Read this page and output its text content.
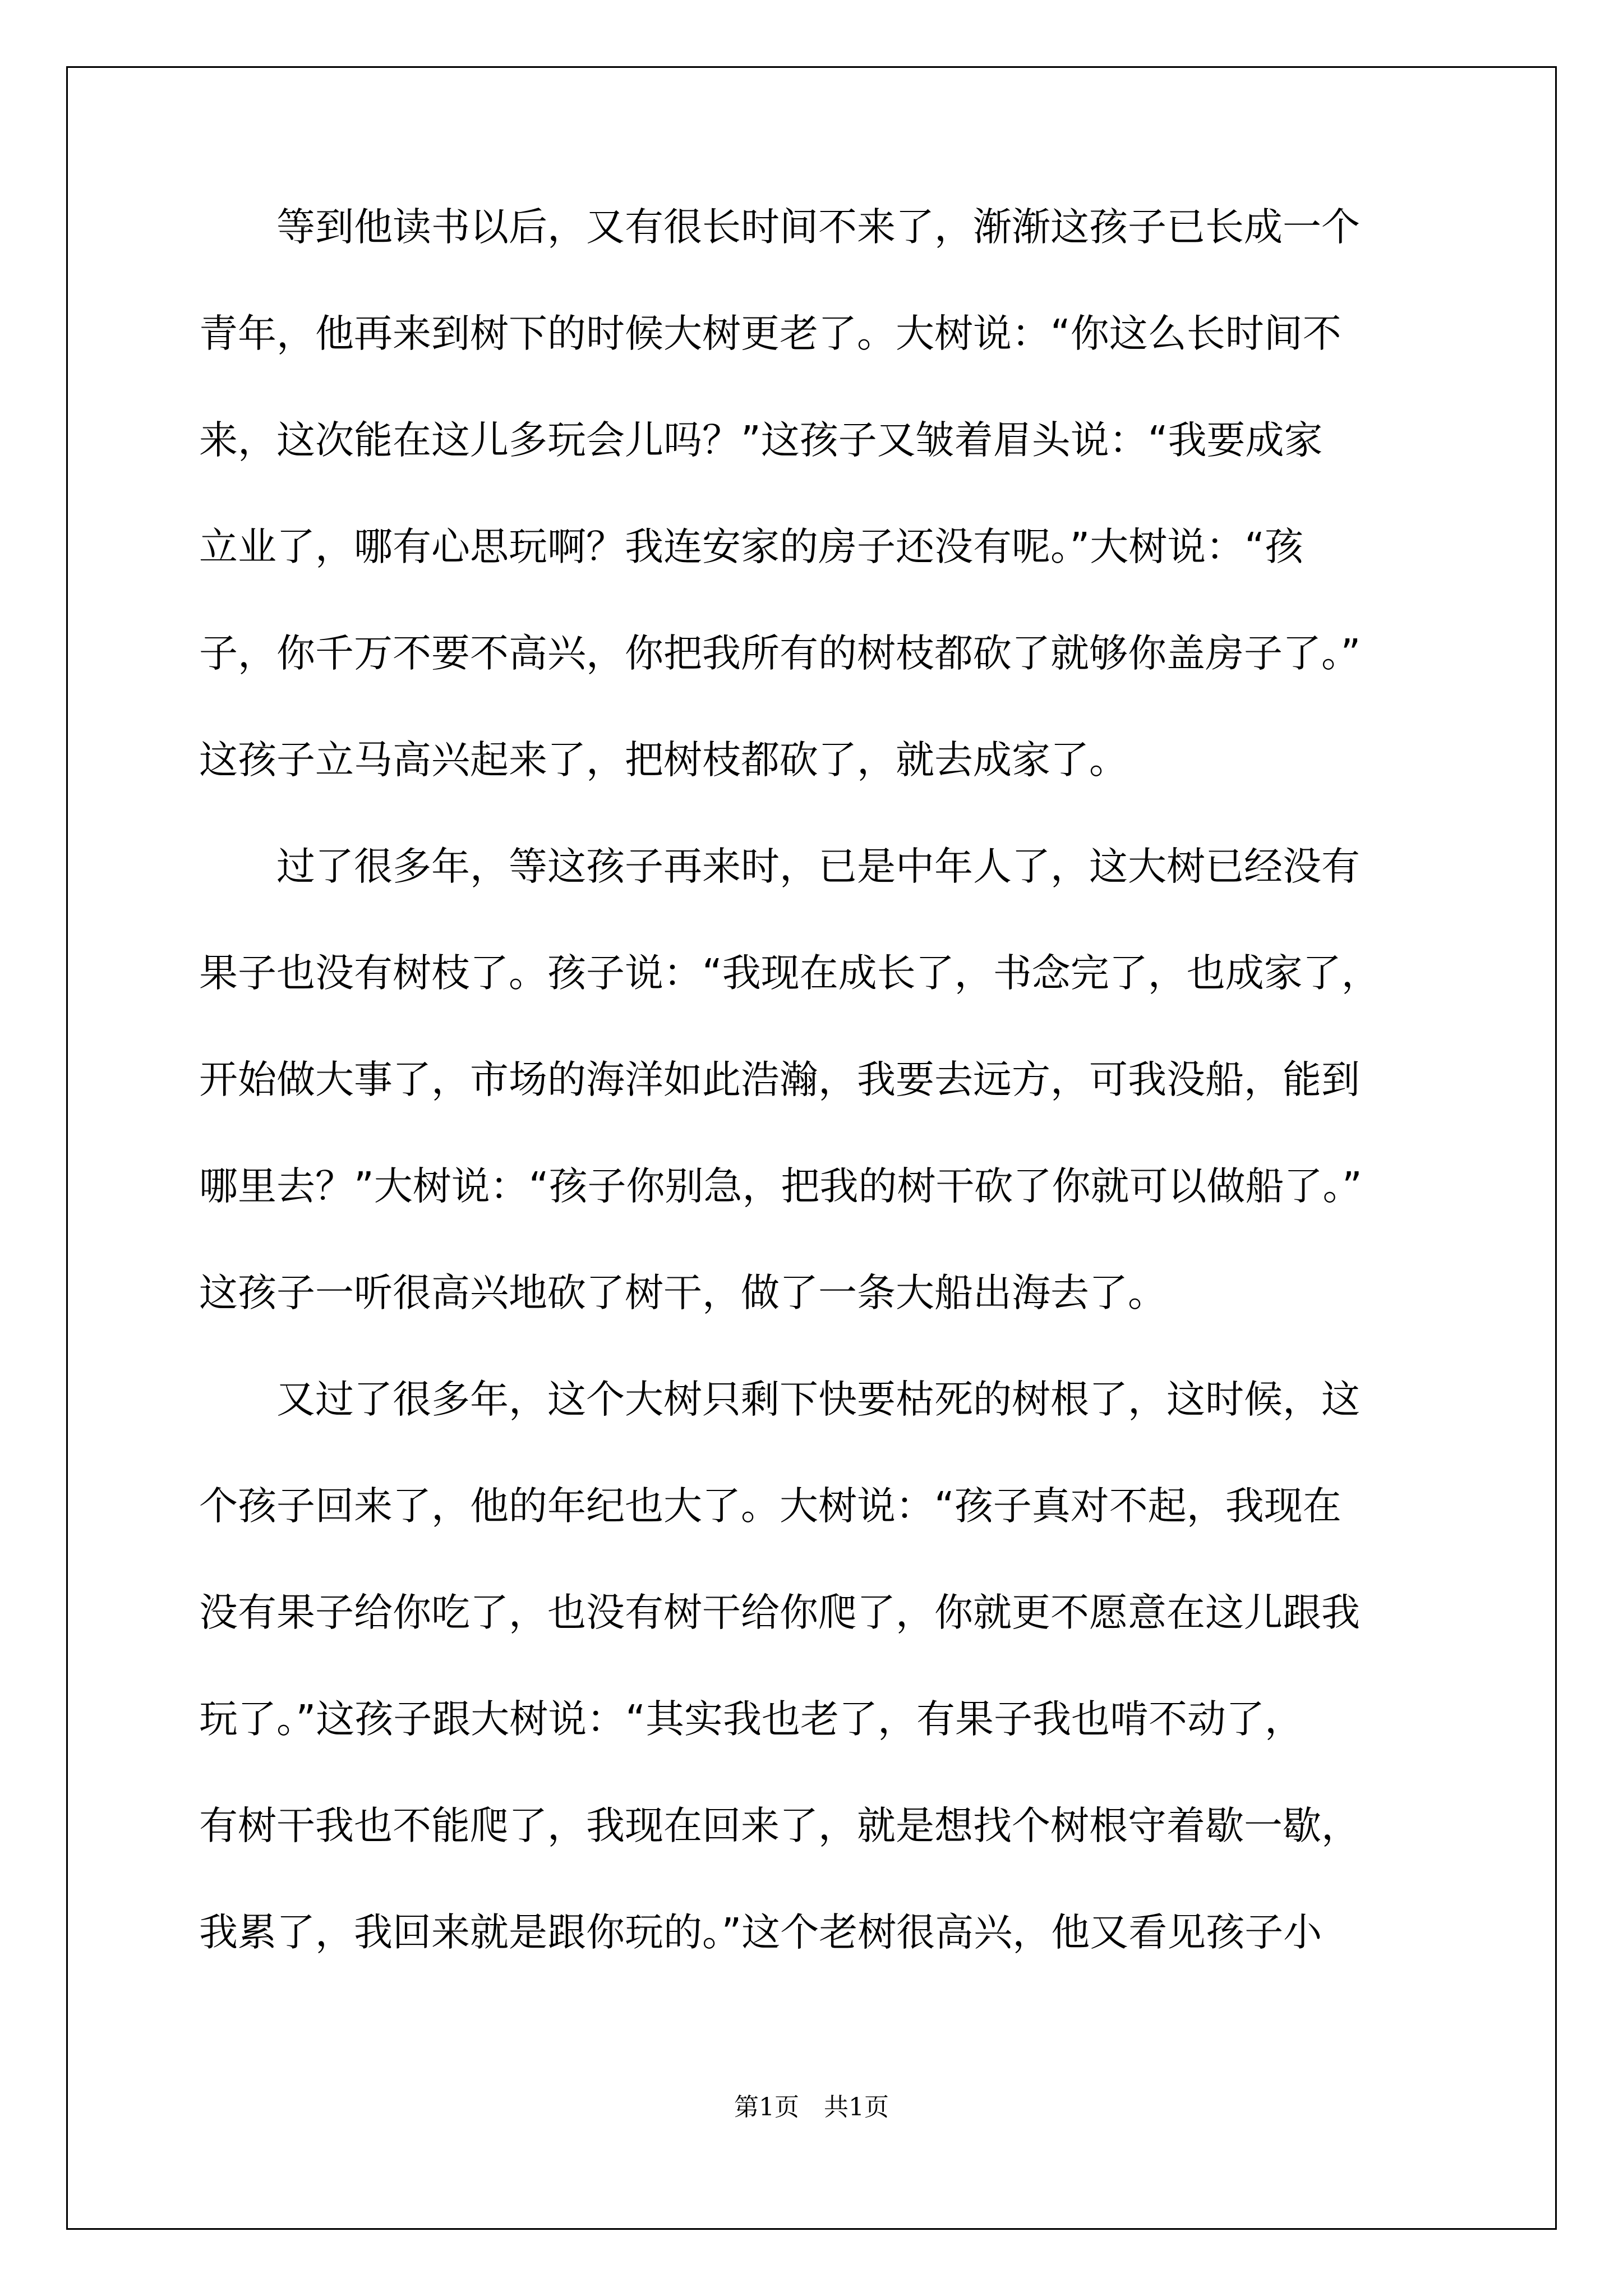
　　等到他读书以后，又有很长时间不来了，渐渐这孩子已长成一个
青年，他再来到树下的时候大树更老了。大树说：“你这么长时间不
来，这次能在这儿多玩会儿吗？”这孩子又皱着眉头说：“我要成家
立业了，哪有心思玩啊？我连安家的房子还没有呢。”大树说：“孩
子，你千万不要不高兴，你把我所有的树枝都砍了就够你盖房子了。”
这孩子立马高兴起来了，把树枝都砍了，就去成家了。
　　过了很多年，等这孩子再来时，已是中年人了，这大树已经没有
果子也没有树枝了。孩子说：“我现在成长了，书念完了，也成家了，
开始做大事了，市场的海洋如此浩瀚，我要去远方，可我没船，能到
哪里去？”大树说：“孩子你别急，把我的树干砍了你就可以做船了。”
这孩子一听很高兴地砍了树干，做了一条大船出海去了。
　　又过了很多年，这个大树只剩下快要枯死的树根了，这时候，这
个孩子回来了，他的年纪也大了。大树说：“孩子真对不起，我现在
没有果子给你吃了，也没有树干给你爬了，你就更不愿意在这儿跟我
玩了。”这孩子跟大树说：“其实我也老了，有果子我也啃不动了，
有树干我也不能爬了，我现在回来了，就是想找个树根守着歇一歇，
我累了，我回来就是跟你玩的。”这个老树很高兴，他又看见孩子小
第1页　共1页
